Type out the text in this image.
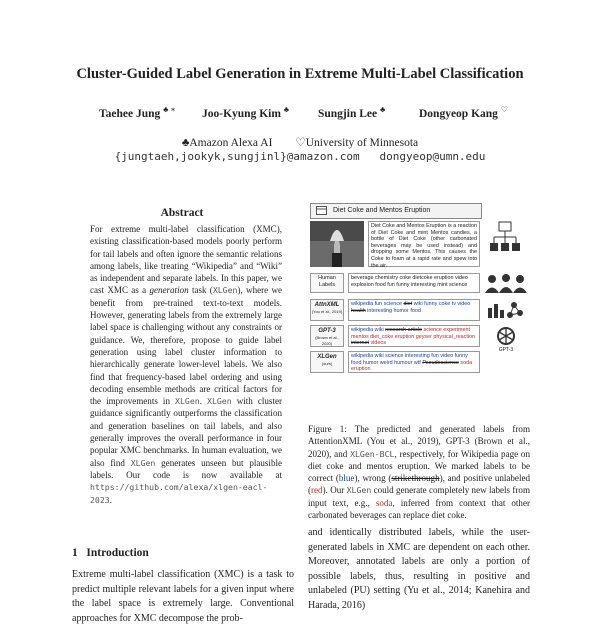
Cluster-Guided Label Generation in Extreme Multi-Label Classification
Taehee Jung ♣ ∗ Joo-Kyung Kim ♣	Sungjin Lee ♣	Dongyeop Kang ♡
♣Amazon Alexa AI ♡University of Minnesota
{jungtaeh,jookyk,sungjinl}@amazon.com   dongyeop@umn.edu
Abstract
For extreme multi-label classification (XMC), existing classification-based models poorly perform for tail labels and often ignore the semantic relations among labels, like treating “Wikipedia” and “Wiki” as independent and separate labels. In this paper, we cast XMC as a generation task (XLGen), where we benefit from pre-trained text-to-text models. However, generating labels from the extremely large label space is challenging without any constraints or guidance. We, therefore, propose to guide label generation using label cluster information to hierarchically generate lower-level labels. We also find that frequency-based label ordering and using decoding ensemble methods are critical factors for the improvements in XLGen. XLGen with cluster guidance significantly outperforms the classification and generation baselines on tail labels, and also generally improves the overall performance in four popular XMC benchmarks. In human evaluation, we also find XLGen generates unseen but plausible labels. Our code is now available at https://github.com/alexa/xlgen-eacl-2023.
Diet Coke and Mentos Eruption
Diet Coke and Mentos Eruption is a reaction of Diet Coke and mint Mentos candies, a bottle of Diet Coke (other carbonated beverages may be used instead) and dropping some Mentos. This causes the Coke to foam at a rapid rate and spew into the air.
Human Labels
beverage chemistry coke dietcoke eruption video explosion food fun funny interesting mint science
AttnXML
(You et al., 2019)
wikipedia fun science diet wiki funny coke tv video health interesting humor food
GPT-3
(Brown et al., 2020)
wikipedia wiki research article science experiment mentos diet_coke eruption geyser physical_reaction internet videos
XLGen
(ours)
wikipedia wiki science interesting fun video funny food humor weird humour wtf Pseudoscience soda eruption
GPT-3
Figure 1: The predicted and generated labels from AttentionXML (You et al., 2019), GPT-3 (Brown et al., 2020), and XLGen-BCL, respectively, for Wikipedia page on diet coke and mentos eruption. We marked labels to be correct (blue), wrong (strikethrough), and positive unlabeled (red). Our XLGen could generate completely new labels from input text, e.g., soda, inferred from context that other carbonated beverages can replace diet coke.
1   Introduction
Extreme multi-label classification (XMC) is a task to predict multiple relevant labels for a given input where the label space is extremely large. Conventional approaches for XMC decompose the prob-
and identically distributed labels, while the user-generated labels in XMC are dependent on each other. Moreover, annotated labels are only a portion of possible labels, thus, resulting in positive and unlabeled (PU) setting (Yu et al., 2014; Kanehira and Harada, 2016)
